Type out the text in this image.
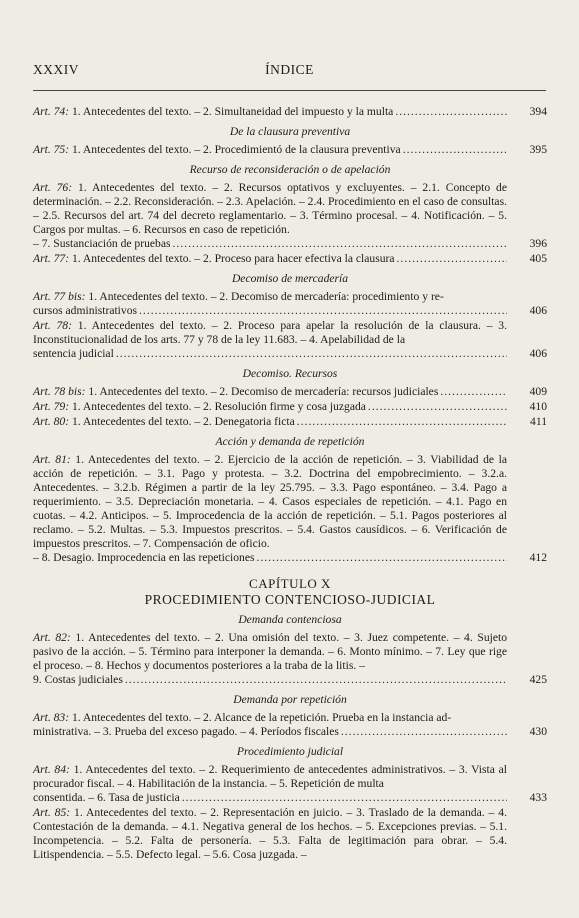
XXXIV	ÍNDICE
Art. 74: 1. Antecedentes del texto. – 2. Simultaneidad del impuesto y la multa .....	394
De la clausura preventiva
Art. 75: 1. Antecedentes del texto. – 2. Procedimientó de la clausura preventiva .....	395
Recurso de reconsideración o de apelación

Art. 76: 1. Antecedentes del texto. – 2. Recursos optativos y excluyentes. – 2.1. Concepto de determinación. – 2.2. Reconsideración. – 2.3. Apelación. – 2.4. Procedimiento en el caso de consultas. – 2.5. Recursos del art. 74 del decreto reglamentario. – 3. Término procesal. – 4. Notificación. – 5. Cargos por multas. – 6. Recursos en caso de repetición.

– 7. Sustanciación de pruebas .....	396
Art. 77: 1. Antecedentes del texto. – 2. Proceso para hacer efectiva la clausura .....	405
Decomiso de mercadería

Art. 77 bis: 1. Antecedentes del texto. – 2. Decomiso de mercadería: procedimiento y re-

cursos administrativos .....	406

Art. 78: 1. Antecedentes del texto. – 2. Proceso para apelar la resolución de la clausura. – 3. Inconstitucionalidad de los arts. 77 y 78 de la ley 11.683. – 4. Apelabilidad de la

sentencia judicial .....	406
Decomiso. Recursos
Art. 78 bis: 1. Antecedentes del texto. – 2. Decomiso de mercadería: recursos judiciales .....	409
Art. 79: 1. Antecedentes del texto. – 2. Resolución firme y cosa juzgada .....	410
Art. 80: 1. Antecedentes del texto. – 2. Denegatoria ficta .....	411
Acción y demanda de repetición

Art. 81: 1. Antecedentes del texto. – 2. Ejercicio de la acción de repetición. – 3. Viabilidad de la acción de repetición. – 3.1. Pago y protesta. – 3.2. Doctrina del empobrecimiento. – 3.2.a. Antecedentes. – 3.2.b. Régimen a partir de la ley 25.795. – 3.3. Pago espontáneo. – 3.4. Pago a requerimiento. – 3.5. Depreciación monetaria. – 4. Casos especiales de repetición. – 4.1. Pago en cuotas. – 4.2. Anticipos. – 5. Improcedencia de la acción de repetición. – 5.1. Pagos posteriores al reclamo. – 5.2. Multas. – 5.3. Impuestos prescritos. – 5.4. Gastos causídicos. – 6. Verificación de impuestos prescritos. – 7. Compensación de oficio.

– 8. Desagio. Improcedencia en las repeticiones .....	412
CAPÍTULO X
PROCEDIMIENTO CONTENCIOSO-JUDICIAL
Demanda contenciosa

Art. 82: 1. Antecedentes del texto. – 2. Una omisión del texto. – 3. Juez competente. – 4. Sujeto pasivo de la acción. – 5. Término para interponer la demanda. – 6. Monto mínimo. – 7. Ley que rige el proceso. – 8. Hechos y documentos posteriores a la traba de la litis. –

9. Costas judiciales .....	425
Demanda por repetición

Art. 83: 1. Antecedentes del texto. – 2. Alcance de la repetición. Prueba en la instancia ad-

ministrativa. – 3. Prueba del exceso pagado. – 4. Períodos fiscales .....	430
Procedimiento judicial

Art. 84: 1. Antecedentes del texto. – 2. Requerimiento de antecedentes administrativos. – 3. Vista al procurador fiscal. – 4. Habilitación de la instancia. – 5. Repetición de multa

consentida. – 6. Tasa de justicia .....	433

Art. 85: 1. Antecedentes del texto. – 2. Representación en juicio. – 3. Traslado de la demanda. – 4. Contestación de la demanda. – 4.1. Negativa general de los hechos. – 5. Excepciones previas. – 5.1. Incompetencia. – 5.2. Falta de personería. – 5.3. Falta de legitimación para obrar. – 5.4. Litispendencia. – 5.5. Defecto legal. – 5.6. Cosa juzgada. –
